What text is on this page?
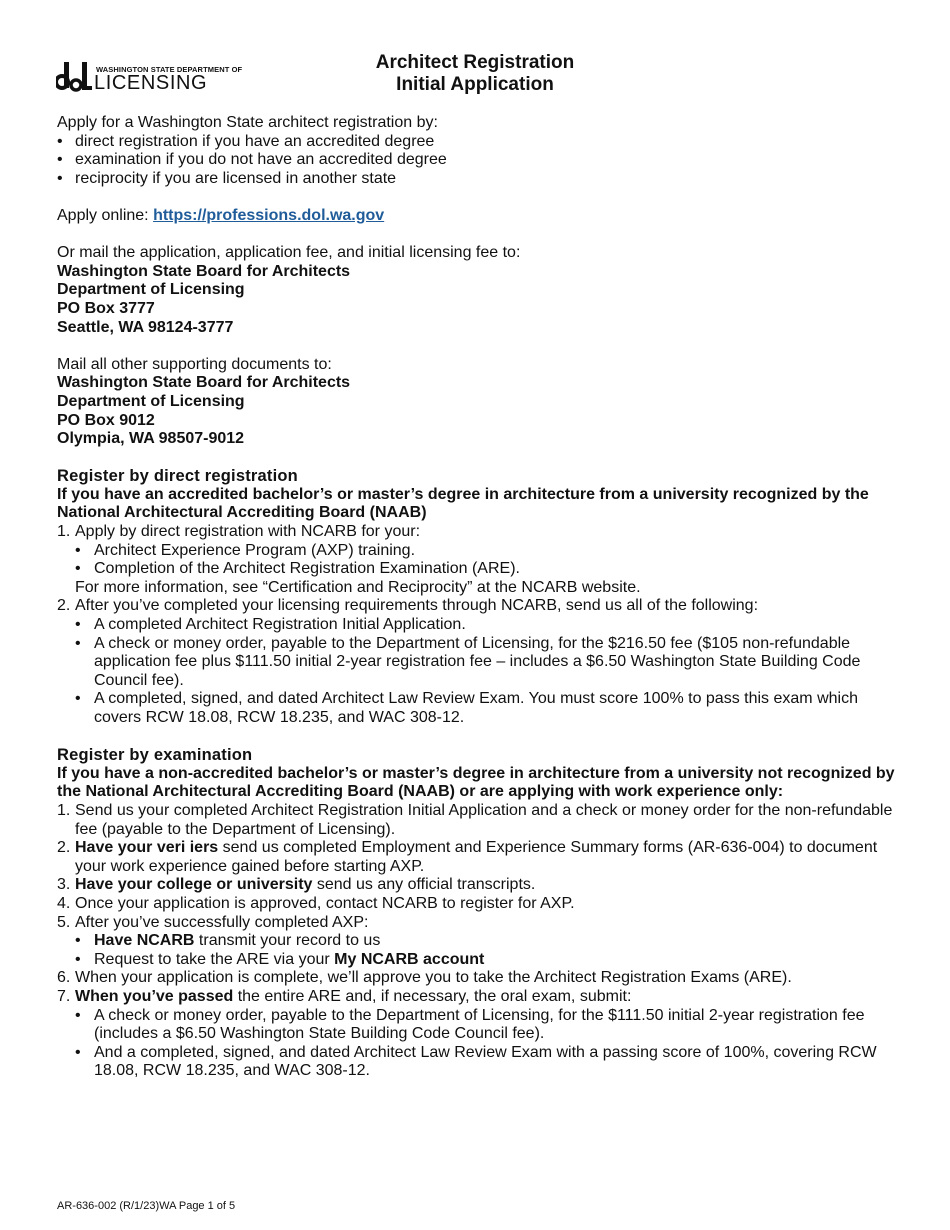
WASHINGTON STATE DEPARTMENT OF
LICENSING
Architect Registration
Initial Application

Apply for a Washington State architect registration by:

• direct registration if you have an accredited degree

• examination if you do not have an accredited degree

• reciprocity if you are licensed in another state

Apply online: https://professions.dol.wa.gov

Or mail the application, application fee, and initial licensing fee to:

Washington State Board for Architects

Department of Licensing

PO Box 3777

Seattle, WA 98124-3777

Mail all other supporting documents to:

Washington State Board for Architects

Department of Licensing

PO Box 9012

Olympia, WA 98507-9012

Register by direct registration

If you have an accredited bachelor’s or master’s degree in architecture from a university recognized by the National Architectural Accrediting Board (NAAB)

1. Apply by direct registration with NCARB for your:

• Architect Experience Program (AXP) training.

• Completion of the Architect Registration Examination (ARE).

For more information, see “Certification and Reciprocity” at the NCARB website.

2. After you’ve completed your licensing requirements through NCARB, send us all of the following:

• A completed Architect Registration Initial Application.

• A check or money order, payable to the Department of Licensing, for the $216.50 fee ($105 non-refundable application fee plus $111.50 initial 2-year registration fee – includes a $6.50 Washington State Building Code Council fee).

• A completed, signed, and dated Architect Law Review Exam. You must score 100% to pass this exam which covers RCW 18.08, RCW 18.235, and WAC 308-12.

Register by examination

If you have a non-accredited bachelor’s or master’s degree in architecture from a university not recognized by the National Architectural Accrediting Board (NAAB) or are applying with work experience only:

1. Send us your completed Architect Registration Initial Application and a check or money order for the non-refundable fee (payable to the Department of Licensing).

2. Have your veri iers send us completed Employment and Experience Summary forms (AR-636-004) to document your work experience gained before starting AXP.

3. Have your college or university send us any official transcripts.

4. Once your application is approved, contact NCARB to register for AXP.

5. After you’ve successfully completed AXP:

• Have NCARB transmit your record to us

• Request to take the ARE via your My NCARB account

6. When your application is complete, we’ll approve you to take the Architect Registration Exams (ARE).

7. When you’ve passed the entire ARE and, if necessary, the oral exam, submit:

• A check or money order, payable to the Department of Licensing, for the $111.50 initial 2-year registration fee (includes a $6.50 Washington State Building Code Council fee).

• And a completed, signed, and dated Architect Law Review Exam with a passing score of 100%, covering RCW 18.08, RCW 18.235, and WAC 308-12.

AR-636-002 (R/1/23)WA Page 1 of 5
